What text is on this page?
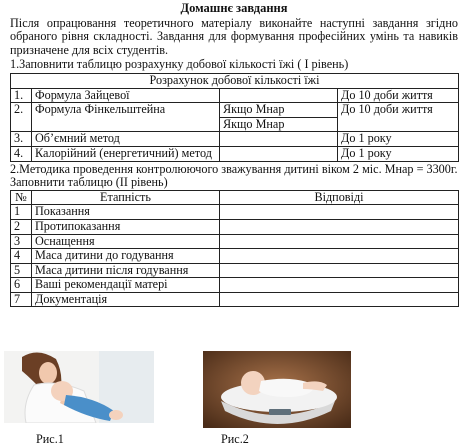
Домашнє завдання
Після опрацювання теоретичного матеріалу виконайте наступні завдання згідно обраного рівня складності. Завдання для формування професійних умінь та навиків призначене для всіх студентів.
1.Заповнити таблицю розрахунку добової кількості їжі ( І рівень)
Розрахунок добової кількості їжі			
1.	Формула Зайцевої		До 10 доби життя
2.	Формула Фінкельштейна	Якщо Мнар	До 10 доби життя
		Якщо Мнар	
3.	Об’ємний метод		До 1 року
4.	Калорійний (енергетичний) метод		До 1 року
2.Методика проведення контролюючого зважування дитині віком 2 міс. Мнар = 3300г. Заповнити таблицю (ІІ рівень)
№	Етапність	Відповіді
1	Показання	
2	Протипоказання	
3	Оснащення	
4	Маса дитини до годування	
5	Маса дитини після годування	
6	Ваші рекомендації матері	
7	Документація	
Рис.1	Рис.2
